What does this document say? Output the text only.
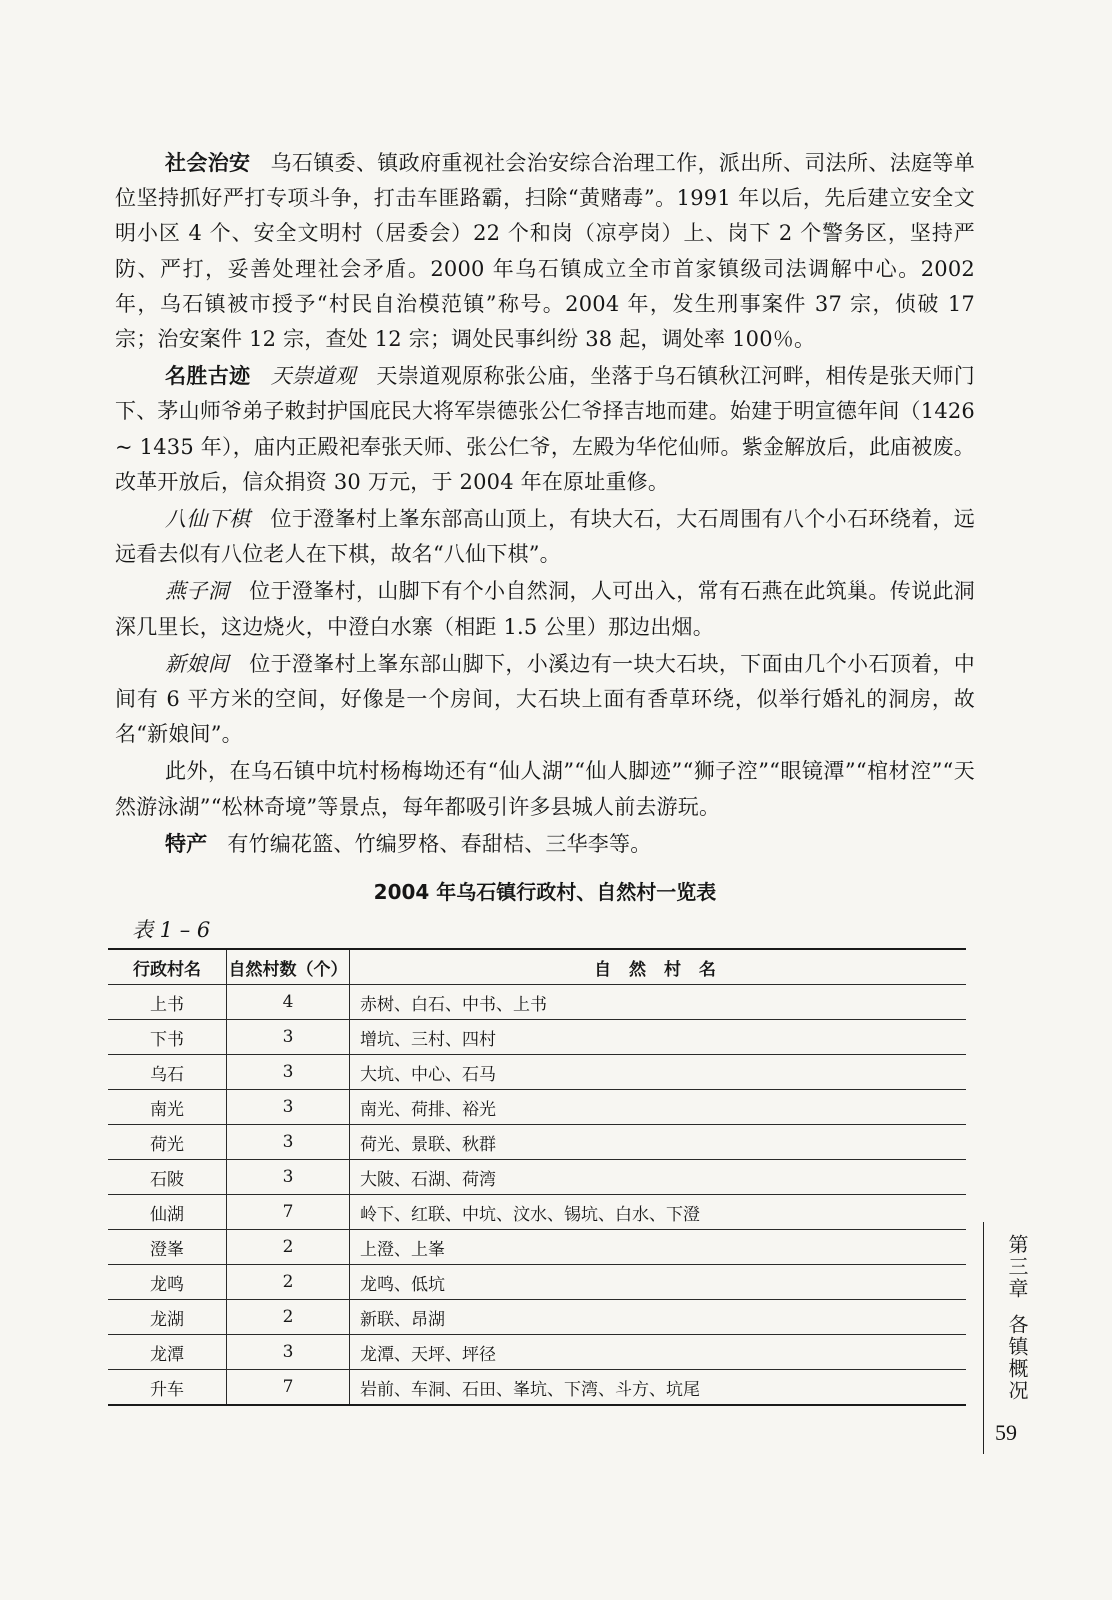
社会治安 乌石镇委、镇政府重视社会治安综合治理工作，派出所、司法所、法庭等单位坚持抓好严打专项斗争，打击车匪路霸，扫除“黄赌毒”。1991 年以后，先后建立安全文明小区 4 个、安全文明村（居委会）22 个和岗（凉亭岗）上、岗下 2 个警务区，坚持严防、严打，妥善处理社会矛盾。2000 年乌石镇成立全市首家镇级司法调解中心。2002 年，乌石镇被市授予“村民自治模范镇”称号。2004 年，发生刑事案件 37 宗，侦破 17 宗；治安案件 12 宗，查处 12 宗；调处民事纠纷 38 起，调处率 100％。

名胜古迹 天崇道观 天崇道观原称张公庙，坐落于乌石镇秋江河畔，相传是张天师门下、茅山师爷弟子敕封护国庇民大将军崇德张公仁爷择吉地而建。始建于明宣德年间（1426 ~ 1435 年），庙内正殿祀奉张天师、张公仁爷，左殿为华佗仙师。紫金解放后，此庙被废。改革开放后，信众捐资 30 万元，于 2004 年在原址重修。

八仙下棋 位于澄峯村上峯东部高山顶上，有块大石，大石周围有八个小石环绕着，远远看去似有八位老人在下棋，故名“八仙下棋”。

燕子洞 位于澄峯村，山脚下有个小自然洞，人可出入，常有石燕在此筑巢。传说此洞深几里长，这边烧火，中澄白水寨（相距 1.5 公里）那边出烟。

新娘间 位于澄峯村上峯东部山脚下，小溪边有一块大石块，下面由几个小石顶着，中间有 6 平方米的空间，好像是一个房间，大石块上面有香草环绕，似举行婚礼的洞房，故名“新娘间”。

此外，在乌石镇中坑村杨梅坳还有“仙人湖”“仙人脚迹”“狮子涳”“眼镜潭”“棺材涳”“天然游泳湖”“松林奇境”等景点，每年都吸引许多县城人前去游玩。

特产 有竹编花篮、竹编罗格、春甜桔、三华李等。

2004 年乌石镇行政村、自然村一览表
表 1 – 6
行政村名	自然村数（个）	自 然 村 名
上书	4	赤树、白石、中书、上书
下书	3	增坑、三村、四村
乌石	3	大坑、中心、石马
南光	3	南光、荷排、裕光
荷光	3	荷光、景联、秋群
石陂	3	大陂、石湖、荷湾
仙湖	7	岭下、红联、中坑、汶水、锡坑、白水、下澄
澄峯	2	上澄、上峯
龙鸣	2	龙鸣、低坑
龙湖	2	新联、昂湖
龙潭	3	龙潭、天坪、坪径
升车	7	岩前、车洞、石田、峯坑、下湾、斗方、坑尾
第三章各镇概况
59
